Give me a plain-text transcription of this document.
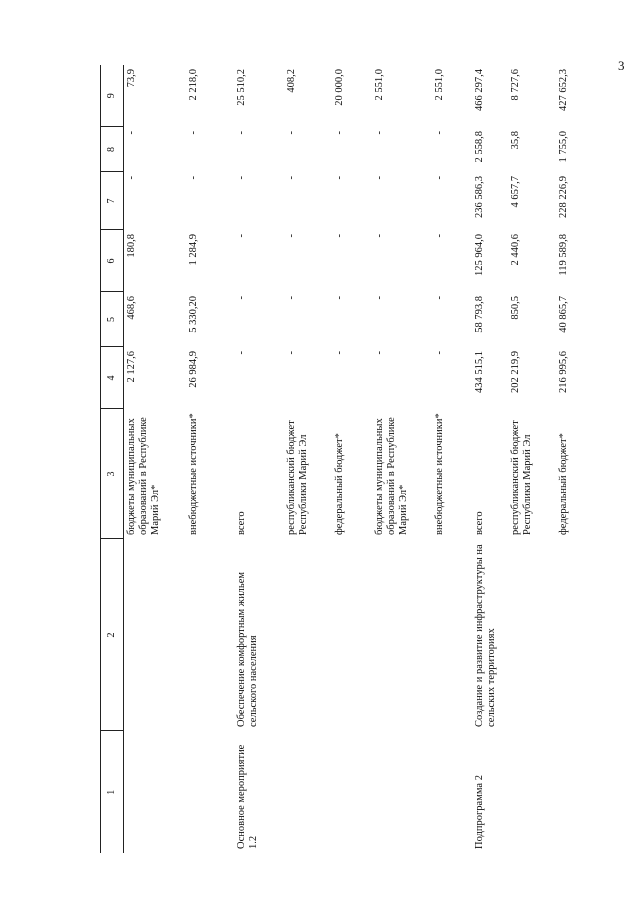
3
1	2	3	4	5	6	7	8	9
		бюджеты муниципальных образований в Республике Марий Эл*	2 127,6	468,6	180,8	-	-	73,9
		внебюджетные источники*	26 984,9	5 330,20	1 284,9	-	-	2 218,0
Основное мероприятие 1.2	Обеспечение комфортным жильем сельского населения	всего	-	-	-	-	-	25 510,2
		республиканский бюджет Республики Марий Эл	-	-	-	-	-	408,2
		федеральный бюджет*	-	-	-	-	-	20 000,0
		бюджеты муниципальных образований в Республике Марий Эл*	-	-	-	-	-	2 551,0
		внебюджетные источники*	-	-	-	-	-	2 551,0
Подпрограмма 2	Создание и развитие инфраструктуры на сельских территориях	всего	434 515,1	58 793,8	125 964,0	236 586,3	2 558,8	466 297,4
		республиканский бюджет Республики Марий Эл	202 219,9	850,5	2 440,6	4 657,7	35,8	8 727,6
		федеральный бюджет*	216 995,6	40 865,7	119 589,8	228 226,9	1 755,0	427 652,3
